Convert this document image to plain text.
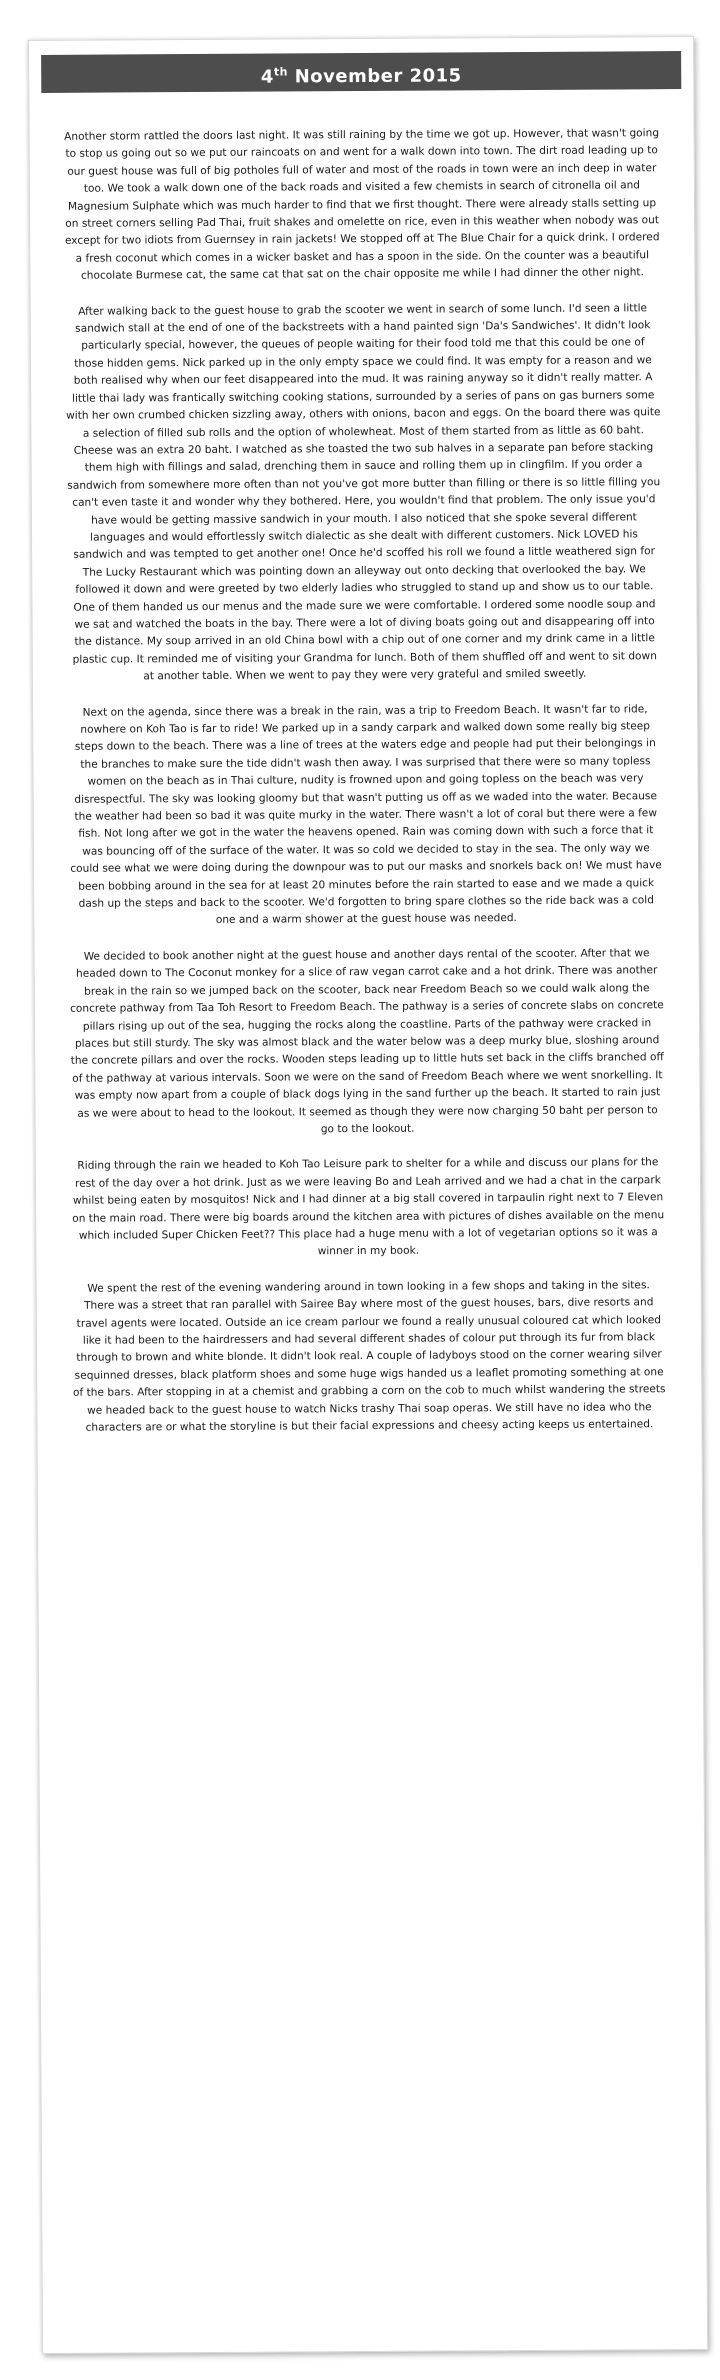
4th November 2015

Another storm rattled the doors last night. It was still raining by the time we got up. However, that wasn't going to stop us going out so we put our raincoats on and went for a walk down into town. The dirt road leading up to our guest house was full of big potholes full of water and most of the roads in town were an inch deep in water too. We took a walk down one of the back roads and visited a few chemists in search of citronella oil and Magnesium Sulphate which was much harder to find that we first thought. There were already stalls setting up on street corners selling Pad Thai, fruit shakes and omelette on rice, even in this weather when nobody was out except for two idiots from Guernsey in rain jackets! We stopped off at The Blue Chair for a quick drink. I ordered a fresh coconut which comes in a wicker basket and has a spoon in the side. On the counter was a beautiful chocolate Burmese cat, the same cat that sat on the chair opposite me while I had dinner the other night.

After walking back to the guest house to grab the scooter we went in search of some lunch. I'd seen a little sandwich stall at the end of one of the backstreets with a hand painted sign 'Da's Sandwiches'. It didn't look particularly special, however, the queues of people waiting for their food told me that this could be one of those hidden gems. Nick parked up in the only empty space we could find. It was empty for a reason and we both realised why when our feet disappeared into the mud. It was raining anyway so it didn't really matter. A little thai lady was frantically switching cooking stations, surrounded by a series of pans on gas burners some with her own crumbed chicken sizzling away, others with onions, bacon and eggs. On the board there was quite a selection of filled sub rolls and the option of wholewheat. Most of them started from as little as 60 baht. Cheese was an extra 20 baht. I watched as she toasted the two sub halves in a separate pan before stacking them high with fillings and salad, drenching them in sauce and rolling them up in clingfilm. If you order a sandwich from somewhere more often than not you've got more butter than filling or there is so little filling you can't even taste it and wonder why they bothered. Here, you wouldn't find that problem. The only issue you'd have would be getting massive sandwich in your mouth. I also noticed that she spoke several different languages and would effortlessly switch dialectic as she dealt with different customers. Nick LOVED his sandwich and was tempted to get another one! Once he'd scoffed his roll we found a little weathered sign for The Lucky Restaurant which was pointing down an alleyway out onto decking that overlooked the bay. We followed it down and were greeted by two elderly ladies who struggled to stand up and show us to our table. One of them handed us our menus and the made sure we were comfortable. I ordered some noodle soup and we sat and watched the boats in the bay. There were a lot of diving boats going out and disappearing off into the distance. My soup arrived in an old China bowl with a chip out of one corner and my drink came in a little plastic cup. It reminded me of visiting your Grandma for lunch. Both of them shuffled off and went to sit down at another table. When we went to pay they were very grateful and smiled sweetly.

Next on the agenda, since there was a break in the rain, was a trip to Freedom Beach. It wasn't far to ride, nowhere on Koh Tao is far to ride! We parked up in a sandy carpark and walked down some really big steep steps down to the beach. There was a line of trees at the waters edge and people had put their belongings in the branches to make sure the tide didn't wash then away. I was surprised that there were so many topless women on the beach as in Thai culture, nudity is frowned upon and going topless on the beach was very disrespectful. The sky was looking gloomy but that wasn't putting us off as we waded into the water. Because the weather had been so bad it was quite murky in the water. There wasn't a lot of coral but there were a few fish. Not long after we got in the water the heavens opened. Rain was coming down with such a force that it was bouncing off of the surface of the water. It was so cold we decided to stay in the sea. The only way we could see what we were doing during the downpour was to put our masks and snorkels back on! We must have been bobbing around in the sea for at least 20 minutes before the rain started to ease and we made a quick dash up the steps and back to the scooter. We'd forgotten to bring spare clothes so the ride back was a cold one and a warm shower at the guest house was needed.

We decided to book another night at the guest house and another days rental of the scooter. After that we headed down to The Coconut monkey for a slice of raw vegan carrot cake and a hot drink. There was another break in the rain so we jumped back on the scooter, back near Freedom Beach so we could walk along the concrete pathway from Taa Toh Resort to Freedom Beach. The pathway is a series of concrete slabs on concrete pillars rising up out of the sea, hugging the rocks along the coastline. Parts of the pathway were cracked in places but still sturdy. The sky was almost black and the water below was a deep murky blue, sloshing around the concrete pillars and over the rocks. Wooden steps leading up to little huts set back in the cliffs branched off of the pathway at various intervals. Soon we were on the sand of Freedom Beach where we went snorkelling. It was empty now apart from a couple of black dogs lying in the sand further up the beach. It started to rain just as we were about to head to the lookout. It seemed as though they were now charging 50 baht per person to go to the lookout.

Riding through the rain we headed to Koh Tao Leisure park to shelter for a while and discuss our plans for the rest of the day over a hot drink. Just as we were leaving Bo and Leah arrived and we had a chat in the carpark whilst being eaten by mosquitos! Nick and I had dinner at a big stall covered in tarpaulin right next to 7 Eleven on the main road. There were big boards around the kitchen area with pictures of dishes available on the menu which included Super Chicken Feet?? This place had a huge menu with a lot of vegetarian options so it was a winner in my book.

We spent the rest of the evening wandering around in town looking in a few shops and taking in the sites. There was a street that ran parallel with Sairee Bay where most of the guest houses, bars, dive resorts and travel agents were located. Outside an ice cream parlour we found a really unusual coloured cat which looked like it had been to the hairdressers and had several different shades of colour put through its fur from black through to brown and white blonde. It didn't look real. A couple of ladyboys stood on the corner wearing silver sequinned dresses, black platform shoes and some huge wigs handed us a leaflet promoting something at one of the bars. After stopping in at a chemist and grabbing a corn on the cob to much whilst wandering the streets we headed back to the guest house to watch Nicks trashy Thai soap operas. We still have no idea who the characters are or what the storyline is but their facial expressions and cheesy acting keeps us entertained.
